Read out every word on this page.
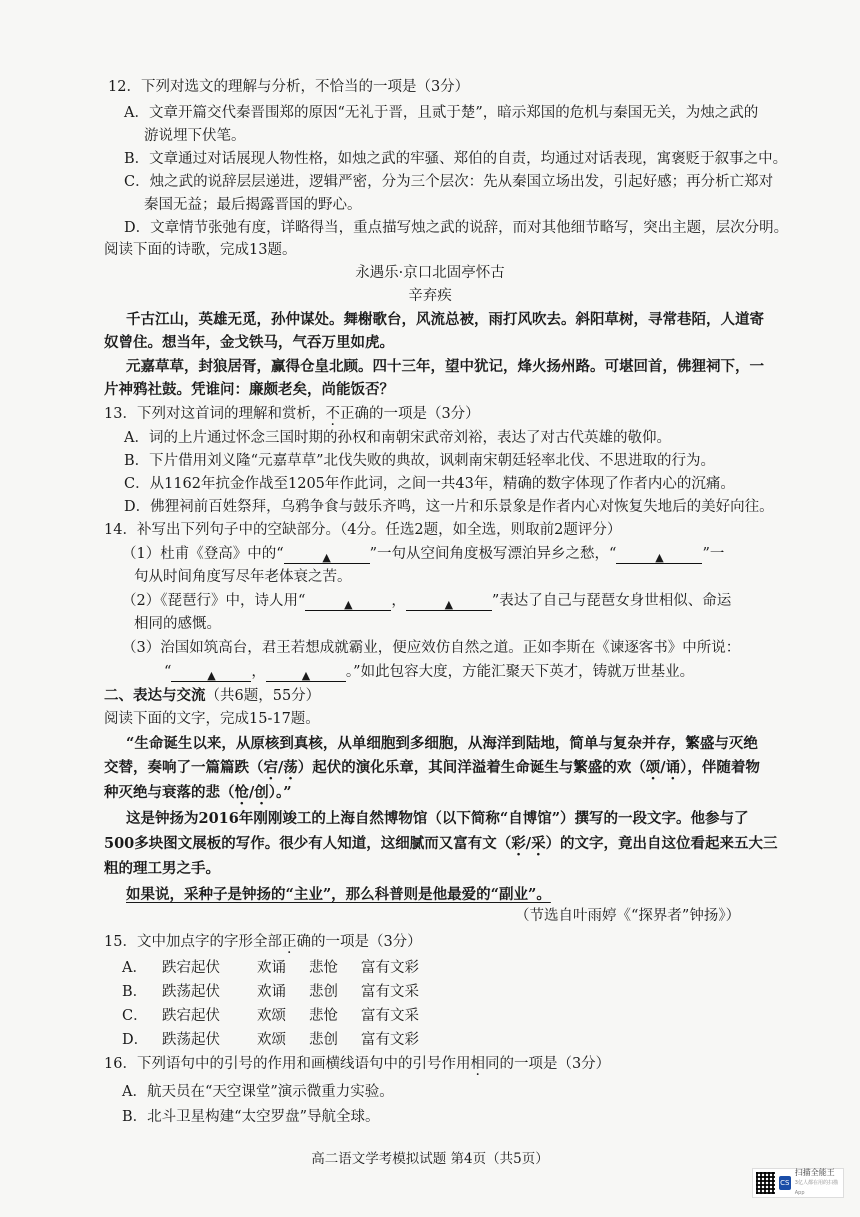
12．下列对选文的理解与分析，不恰当的一项是（3分）
A．文章开篇交代秦晋围郑的原因“无礼于晋，且贰于楚”，暗示郑国的危机与秦国无关，为烛之武的
游说埋下伏笔。
B．文章通过对话展现人物性格，如烛之武的牢骚、郑伯的自责，均通过对话表现，寓褒贬于叙事之中。
C．烛之武的说辞层层递进，逻辑严密，分为三个层次：先从秦国立场出发，引起好感；再分析亡郑对
秦国无益；最后揭露晋国的野心。
D．文章情节张弛有度，详略得当，重点描写烛之武的说辞，而对其他细节略写，突出主题，层次分明。
阅读下面的诗歌，完成13题。
永遇乐·京口北固亭怀古
辛弃疾
千古江山，英雄无觅，孙仲谋处。舞榭歌台，风流总被，雨打风吹去。斜阳草树，寻常巷陌，人道寄
奴曾住。想当年，金戈铁马，气吞万里如虎。
元嘉草草，封狼居胥，赢得仓皇北顾。四十三年，望中犹记，烽火扬州路。可堪回首，佛狸祠下，一
片神鸦社鼓。凭谁问：廉颇老矣，尚能饭否？
13．下列对这首词的理解和赏析，不正确的一项是（3分）
A．词的上片通过怀念三国时期的孙权和南朝宋武帝刘裕，表达了对古代英雄的敬仰。
B．下片借用刘义隆“元嘉草草”北伐失败的典故，讽刺南宋朝廷轻率北伐、不思进取的行为。
C．从1162年抗金作战至1205年作此词，之间一共43年，精确的数字体现了作者内心的沉痛。
D．佛狸祠前百姓祭拜，乌鸦争食与鼓乐齐鸣，这一片和乐景象是作者内心对恢复失地后的美好向往。
14．补写出下列句子中的空缺部分。（4分。任选2题，如全选，则取前2题评分）
（1）杜甫《登高》中的“	▲	”一句从空间角度极写漂泊异乡之愁，“	▲	”一
句从时间角度写尽年老体衰之苦。
（2）《琵琶行》中，诗人用“	▲	，	▲	”表达了自己与琵琶女身世相似、命运
相同的感慨。
（3）治国如筑高台，君王若想成就霸业，便应效仿自然之道。正如李斯在《谏逐客书》中所说：
“	▲ ，	▲ 。”如此包容大度，方能汇聚天下英才，铸就万世基业。
二、表达与交流（共6题，55分）
阅读下面的文字，完成15-17题。
“生命诞生以来，从原核到真核，从单细胞到多细胞，从海洋到陆地，简单与复杂并存，繁盛与灭绝
交替，奏响了一篇篇跌（宕/荡）起伏的演化乐章，其间洋溢着生命诞生与繁盛的欢（颂/诵），伴随着物
种灭绝与衰落的悲（怆/创）。”
这是钟扬为2016年刚刚竣工的上海自然博物馆（以下简称“自博馆”）撰写的一段文字。他参与了
500多块图文展板的写作。很少有人知道，这细腻而又富有文（彩/采）的文字，竟出自这位看起来五大三
粗的理工男之手。
如果说，采种子是钟扬的“主业”，那么科普则是他最爱的“副业”。
（节选自叶雨婷《“探界者”钟扬》）
15．文中加点字的字形全部正确的一项是（3分）
A． 跌宕起伏	欢诵 悲怆 富有文彩
B． 跌荡起伏	欢诵 悲创 富有文采
C． 跌宕起伏	欢颂 悲怆 富有文采
D． 跌荡起伏	欢颂 悲创 富有文彩
16．下列语句中的引号的作用和画横线语句中的引号作用相同的一项是（3分）
A．航天员在“天空课堂”演示微重力实验。
B．北斗卫星构建“太空罗盘”导航全球。
高二语文学考模拟试题 第4页（共5页）
CS
扫描全能王
3亿人都在用的扫描App
